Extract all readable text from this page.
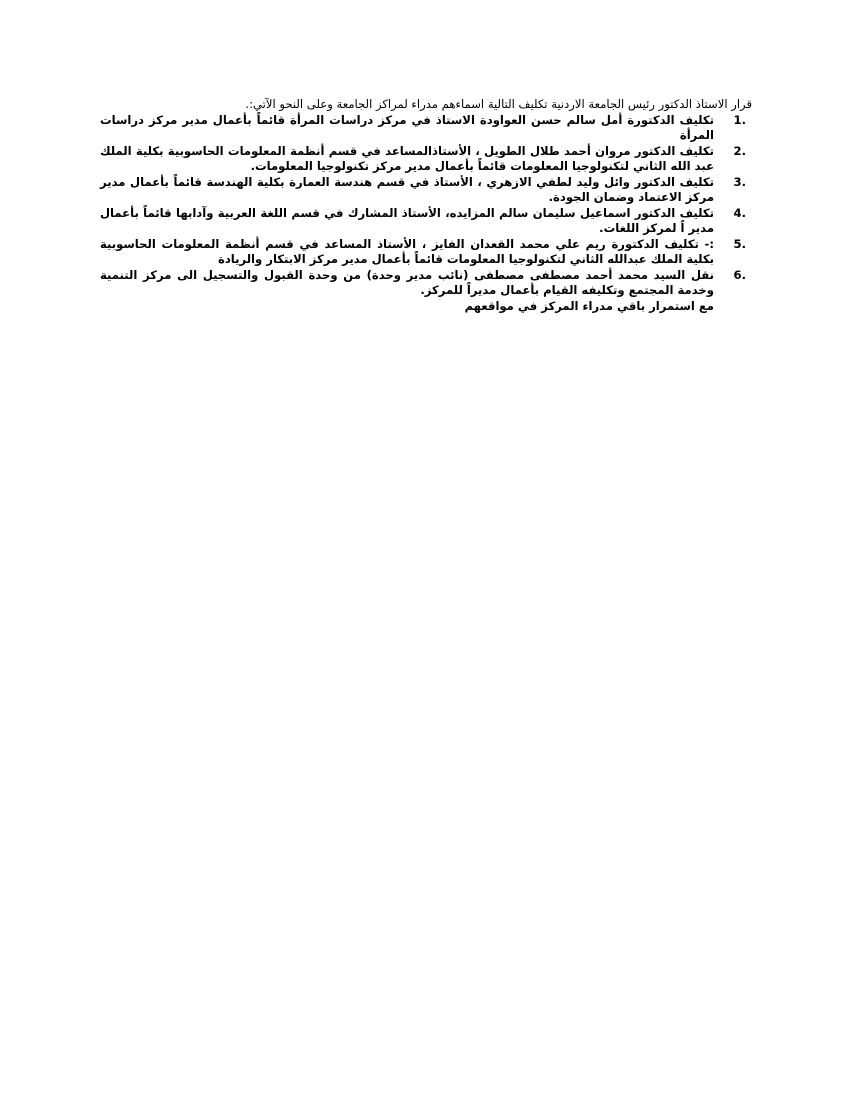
قرار الاستاذ الدكتور رئيس الجامعة الاردنية تكليف التالية اسماءهم مدراء لمراكز الجامعة وعلى النحو الآتي:.

1.
تكليف الدكتورة أمل سالم حسن العواودة الاستاذ في مركز دراسات المرأة قائماً بأعمال مدير مركز دراسات المرأة
2.
تكليف الدكتور مروان أحمد طلال الطويل ، الأستاذالمساعد في قسم أنظمة المعلومات الحاسوبية بكلية الملك عبد الله الثاني لتكنولوجيا المعلومات قائماً بأعمال مدير مركز تكنولوجيا المعلومات.
3.
تكليف الدكتور وائل وليد لطفي الازهري ، الأستاذ في قسم هندسة العمارة بكلية الهندسة قائماً بأعمال مدير مركز الاعتماد وضمان الجودة.
4.
تكليف الدكتور اسماعيل سليمان سالم المزايده، الأستاذ المشارك في قسم اللغة العربية وآدابها قائماً بأعمال مدير اً لمركز اللغات.
5.
:- تكليف الدكتورة ريم علي محمد القعدان الفايز ، الأستاذ المساعد في قسم أنظمة المعلومات الحاسوبية بكلية الملك عبدالله الثاني لتكنولوجيا المعلومات قائماً بأعمال مدير مركز الابتكار والريادة
6.
نقل السيد محمد أحمد مصطفى مصطفى (نائب مدير وحدة) من وحدة القبول والتسجيل الى مركز التنمية وخدمة المجتمع وتكليفه القيام بأعمال مديراً للمركز.

مع استمرار باقي مدراء المركز في مواقعهم
